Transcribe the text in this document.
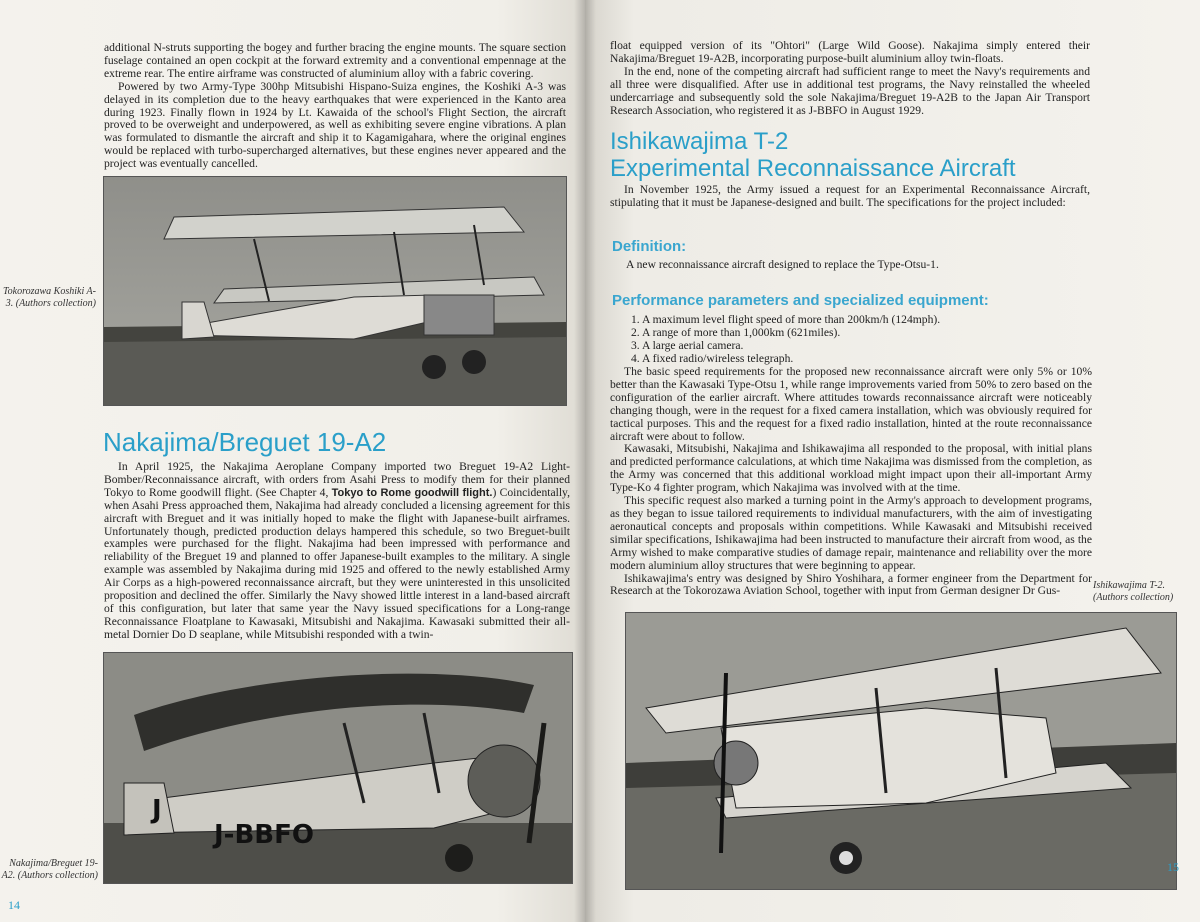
additional N-struts supporting the bogey and further bracing the engine mounts. The square section fuselage contained an open cockpit at the forward extremity and a conventional empennage at the extreme rear. The entire airframe was constructed of aluminium alloy with a fabric covering.

Powered by two Army-Type 300hp Mitsubishi Hispano-Suiza engines, the Koshiki A-3 was delayed in its completion due to the heavy earthquakes that were experienced in the Kanto area during 1923. Finally flown in 1924 by Lt. Kawaida of the school's Flight Section, the aircraft proved to be overweight and underpowered, as well as exhibiting severe engine vibrations. A plan was formulated to dismantle the aircraft and ship it to Kagamigahara, where the original engines would be replaced with turbo-supercharged alternatives, but these engines never appeared and the project was eventually cancelled.

Tokorozawa Koshiki A-3. (Authors collection)
Nakajima/Breguet 19-A2

In April 1925, the Nakajima Aeroplane Company imported two Breguet 19-A2 Light-Bomber/Reconnaissance aircraft, with orders from Asahi Press to modify them for their planned Tokyo to Rome goodwill flight. (See Chapter 4, Tokyo to Rome goodwill flight.) Coincidentally, when Asahi Press approached them, Nakajima had already concluded a licensing agreement for this aircraft with Breguet and it was initially hoped to make the flight with Japanese-built airframes. Unfortunately though, predicted production delays hampered this schedule, so two Breguet-built examples were purchased for the flight. Nakajima had been impressed with performance and reliability of the Breguet 19 and planned to offer Japanese-built examples to the military. A single example was assembled by Nakajima during mid 1925 and offered to the newly established Army Air Corps as a high-powered reconnaissance aircraft, but they were uninterested in this unsolicited proposition and declined the offer. Similarly the Navy showed little interest in a land-based aircraft of this configuration, but later that same year the Navy issued specifications for a Long-range Reconnaissance Floatplane to Kawasaki, Mitsubishi and Nakajima. Kawasaki submitted their all-metal Dornier Do D seaplane, while Mitsubishi responded with a twin-

J
J-BBFO
Nakajima/Breguet 19-A2. (Authors collection)
14

float equipped version of its "Ohtori" (Large Wild Goose). Nakajima simply entered their Nakajima/Breguet 19-A2B, incorporating purpose-built aluminium alloy twin-floats.

In the end, none of the competing aircraft had sufficient range to meet the Navy's requirements and all three were disqualified. After use in additional test programs, the Navy reinstalled the wheeled undercarriage and subsequently sold the sole Nakajima/Breguet 19-A2B to the Japan Air Transport Research Association, who registered it as J-BBFO in August 1929.

Ishikawajima T-2
Experimental Reconnaissance Aircraft

In November 1925, the Army issued a request for an Experimental Reconnaissance Aircraft, stipulating that it must be Japanese-designed and built. The specifications for the project included:

Definition:

A new reconnaissance aircraft designed to replace the Type-Otsu-1.

Performance parameters and specialized equipment:
1. A maximum level flight speed of more than 200km/h (124mph).
2. A range of more than 1,000km (621miles).
3. A large aerial camera.
4. A fixed radio/wireless telegraph.

The basic speed requirements for the proposed new reconnaissance aircraft were only 5% or 10% better than the Kawasaki Type-Otsu 1, while range improvements varied from 50% to zero based on the configuration of the earlier aircraft. Where attitudes towards reconnaissance aircraft were noticeably changing though, were in the request for a fixed camera installation, which was obviously required for tactical purposes. This and the request for a fixed radio installation, hinted at the route reconnaissance aircraft were about to follow.

Kawasaki, Mitsubishi, Nakajima and Ishikawajima all responded to the proposal, with initial plans and predicted performance calculations, at which time Nakajima was dismissed from the completion, as the Army was concerned that this additional workload might impact upon their all-important Army Type-Ko 4 fighter program, which Nakajima was involved with at the time.

This specific request also marked a turning point in the Army's approach to development programs, as they began to issue tailored requirements to individual manufacturers, with the aim of investigating aeronautical concepts and proposals within competitions. While Kawasaki and Mitsubishi received similar specifications, Ishikawajima had been instructed to manufacture their aircraft from wood, as the Army wished to make comparative studies of damage repair, maintenance and reliability over the more modern aluminium alloy structures that were beginning to appear.

Ishikawajima's entry was designed by Shiro Yoshihara, a former engineer from the Department for Research at the Tokorozawa Aviation School, together with input from German designer Dr Gus-	Ishikawajima T-2. (Authors collection)
15
